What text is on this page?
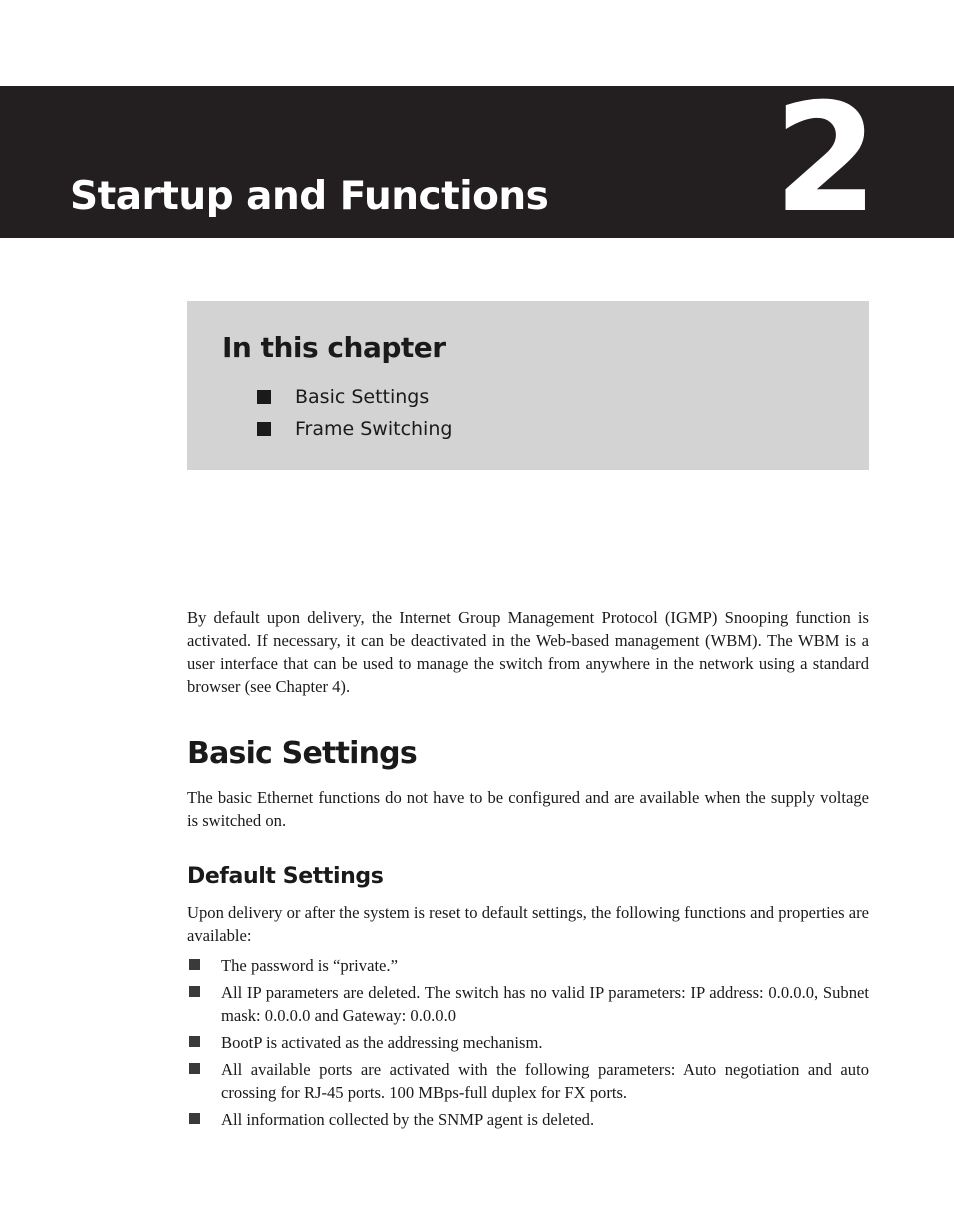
Startup and Functions 2
In this chapter
Basic Settings
Frame Switching

By default upon delivery, the Internet Group Management Protocol (IGMP) Snooping function is activated. If necessary, it can be deactivated in the Web-based management (WBM). The WBM is a user interface that can be used to manage the switch from anywhere in the network using a standard browser (see Chapter 4).

Basic Settings

The basic Ethernet functions do not have to be configured and are available when the supply voltage is switched on.

Default Settings

Upon delivery or after the system is reset to default settings, the following functions and properties are available:

The password is “private.”
All IP parameters are deleted. The switch has no valid IP parameters: IP address: 0.0.0.0, Subnet mask: 0.0.0.0 and Gateway: 0.0.0.0
BootP is activated as the addressing mechanism.
All available ports are activated with the following parameters: Auto negotiation and auto crossing for RJ-45 ports. 100 MBps-full duplex for FX ports.
All information collected by the SNMP agent is deleted.
